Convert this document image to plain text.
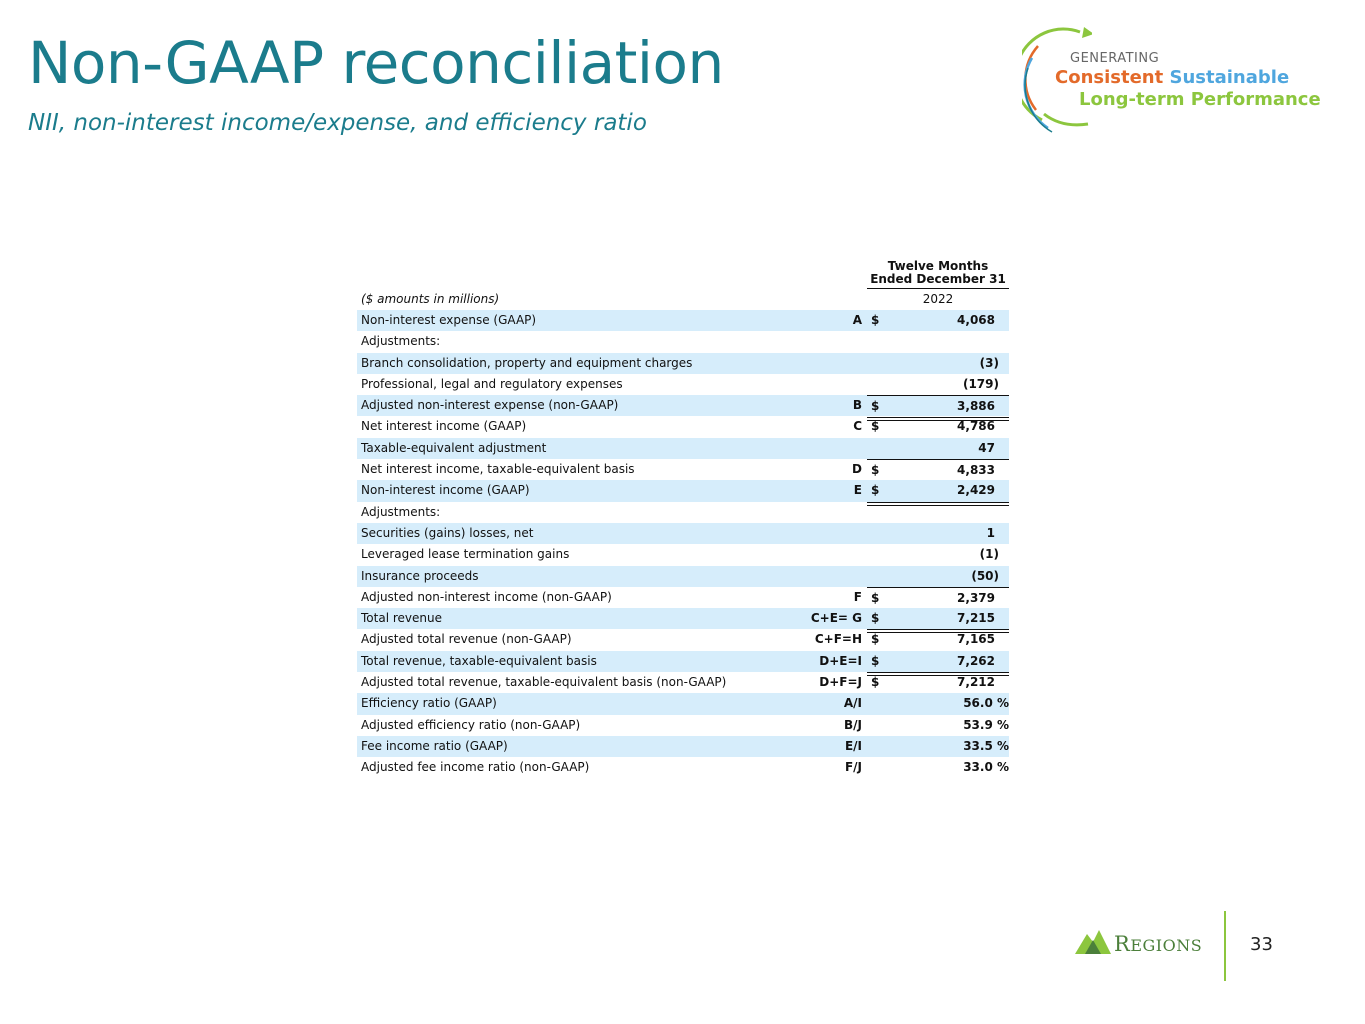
Non-GAAP reconciliation
NII, non-interest income/expense, and efficiency ratio
GENERATING
Consistent Sustainable
Long-term Performance
Twelve Months
Ended December 31
($ amounts in millions)	2022
Non-interest expense (GAAP)	A $	4,068
Adjustments:
Branch consolidation, property and equipment charges	(3)
Professional, legal and regulatory expenses	(179)
Adjusted non-interest expense (non-GAAP)	B $	3,886
Net interest income (GAAP)	C $	4,786
Taxable-equivalent adjustment	47
Net interest income, taxable-equivalent basis	D $	4,833
Non-interest income (GAAP)	E $	2,429
Adjustments:
Securities (gains) losses, net	1
Leveraged lease termination gains	(1)
Insurance proceeds	(50)
Adjusted non-interest income (non-GAAP)	F $	2,379
Total revenue	C+E= G $	7,215
Adjusted total revenue (non-GAAP)	C+F=H $	7,165
Total revenue, taxable-equivalent basis	D+E=I $	7,262
Adjusted total revenue, taxable-equivalent basis (non-GAAP)	D+F=J $	7,212
Efficiency ratio (GAAP)	A/I	56.0 %
Adjusted efficiency ratio (non-GAAP)	B/J	53.9 %
Fee income ratio (GAAP)	E/I	33.5 %
Adjusted fee income ratio (non-GAAP)	F/J	33.0 %
REGIONS	33
